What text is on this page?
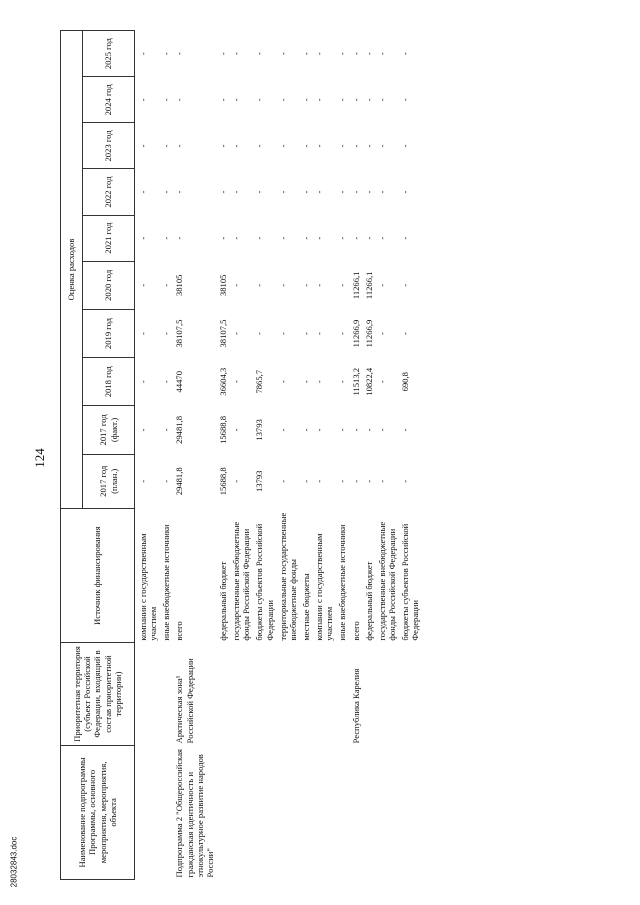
124
28032843.doc	Наименование подпрограммы Программы, основного мероприятия, мероприятия, объекта	Приоритетная территория (субъект Российской Федерации, входящий в состав приоритетной территории)	Источник финансирования	Оценка расходов									
			2017 год (план.)	2017 год (факт.)	2018 год	2019 год	2020 год	2021 год	2022 год	2023 год	2024 год	2025 год
		компании с государственным участием	-	-	-	-	-	-	-	-	-	-
		иные внебюджетные источники	-	-	-	-	-	-	-	-	-	-
Подпрограмма 2 "Общероссийская гражданская идентичность и этнокультурное развитие народов России"	Арктическая зона¹ Российской Федерации	всего	29481,8	29481,8	44470	38107,5	38105	-	-	-	-	-
		федеральный бюджет	15688,8	15688,8	36604,3	38107,5	38105	-	-	-	-	-
		государственные внебюджетные фонды Российской Федерации	-	-	-	-	-	-	-	-	-	-
		бюджеты субъектов Российской Федерации	13793	13793	7865,7	-	-	-	-	-	-	-
		территориальные государственные внебюджетные фонды	-	-	-	-	-	-	-	-	-	-
		местные бюджеты	-	-	-	-	-	-	-	-	-	-
		компании с государственным участием	-	-	-	-	-	-	-	-	-	-
		иные внебюджетные источники	-	-	-	-	-	-	-	-	-	-
	Республика Карелия	всего	-	-	11513,2	11266,9	11266,1	-	-	-	-	-
		федеральный бюджет	-	-	10822,4	11266,9	11266,1	-	-	-	-	-
		государственные внебюджетные фонды Российской Федерации	-	-	-	-	-	-	-	-	-	-
		бюджеты субъектов Российской Федерации	-	-	690,8	-	-	-	-	-	-	-
